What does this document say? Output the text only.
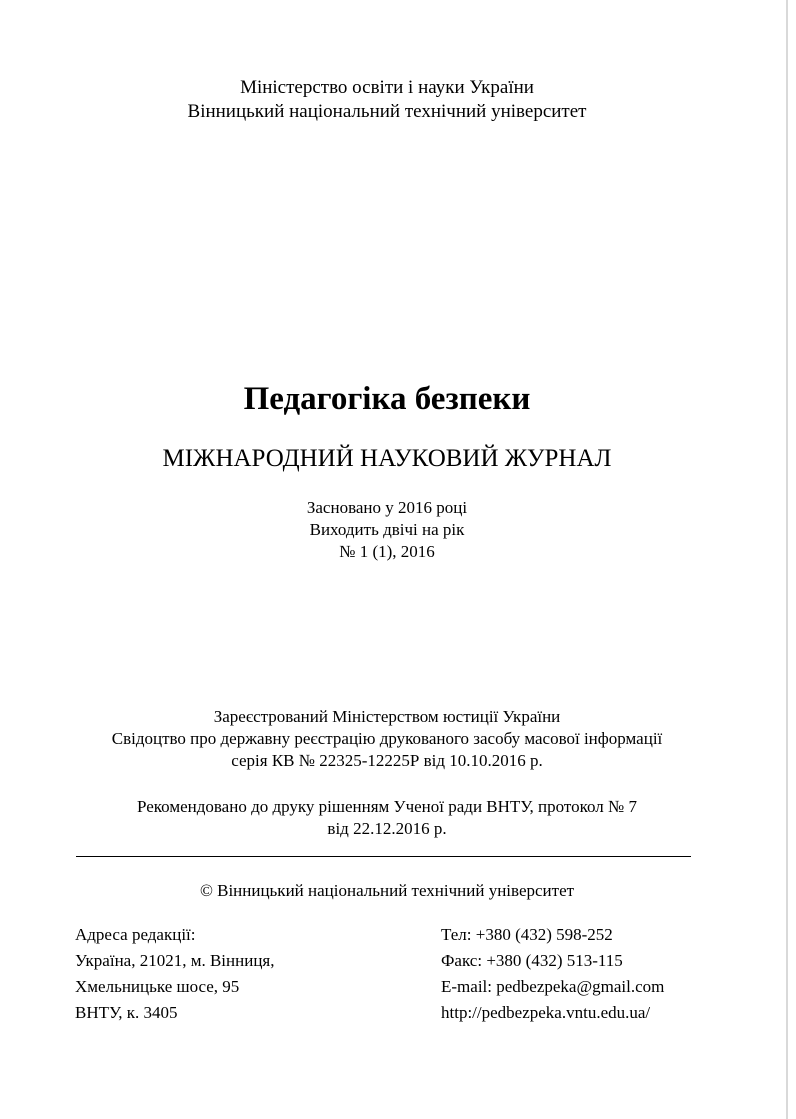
Міністерство освіти і науки України
Вінницький національний технічний університет
Педагогіка безпеки
МІЖНАРОДНИЙ НАУКОВИЙ ЖУРНАЛ
Засновано у 2016 році
Виходить двічі на рік
№ 1 (1), 2016
Зареєстрований Міністерством юстиції України
Свідоцтво про державну реєстрацію друкованого засобу масової інформації
серія КВ № 22325-12225Р від 10.10.2016 р.
Рекомендовано до друку рішенням Ученої ради ВНТУ, протокол № 7
від 22.12.2016 р.
© Вінницький національний технічний університет
Адреса редакції:
Україна, 21021, м. Вінниця,
Хмельницьке шосе, 95
ВНТУ, к. 3405
Тел: +380 (432) 598-252
Факс: +380 (432) 513-115
E-mail: pedbezpeka@gmail.com
http://pedbezpeka.vntu.edu.ua/
